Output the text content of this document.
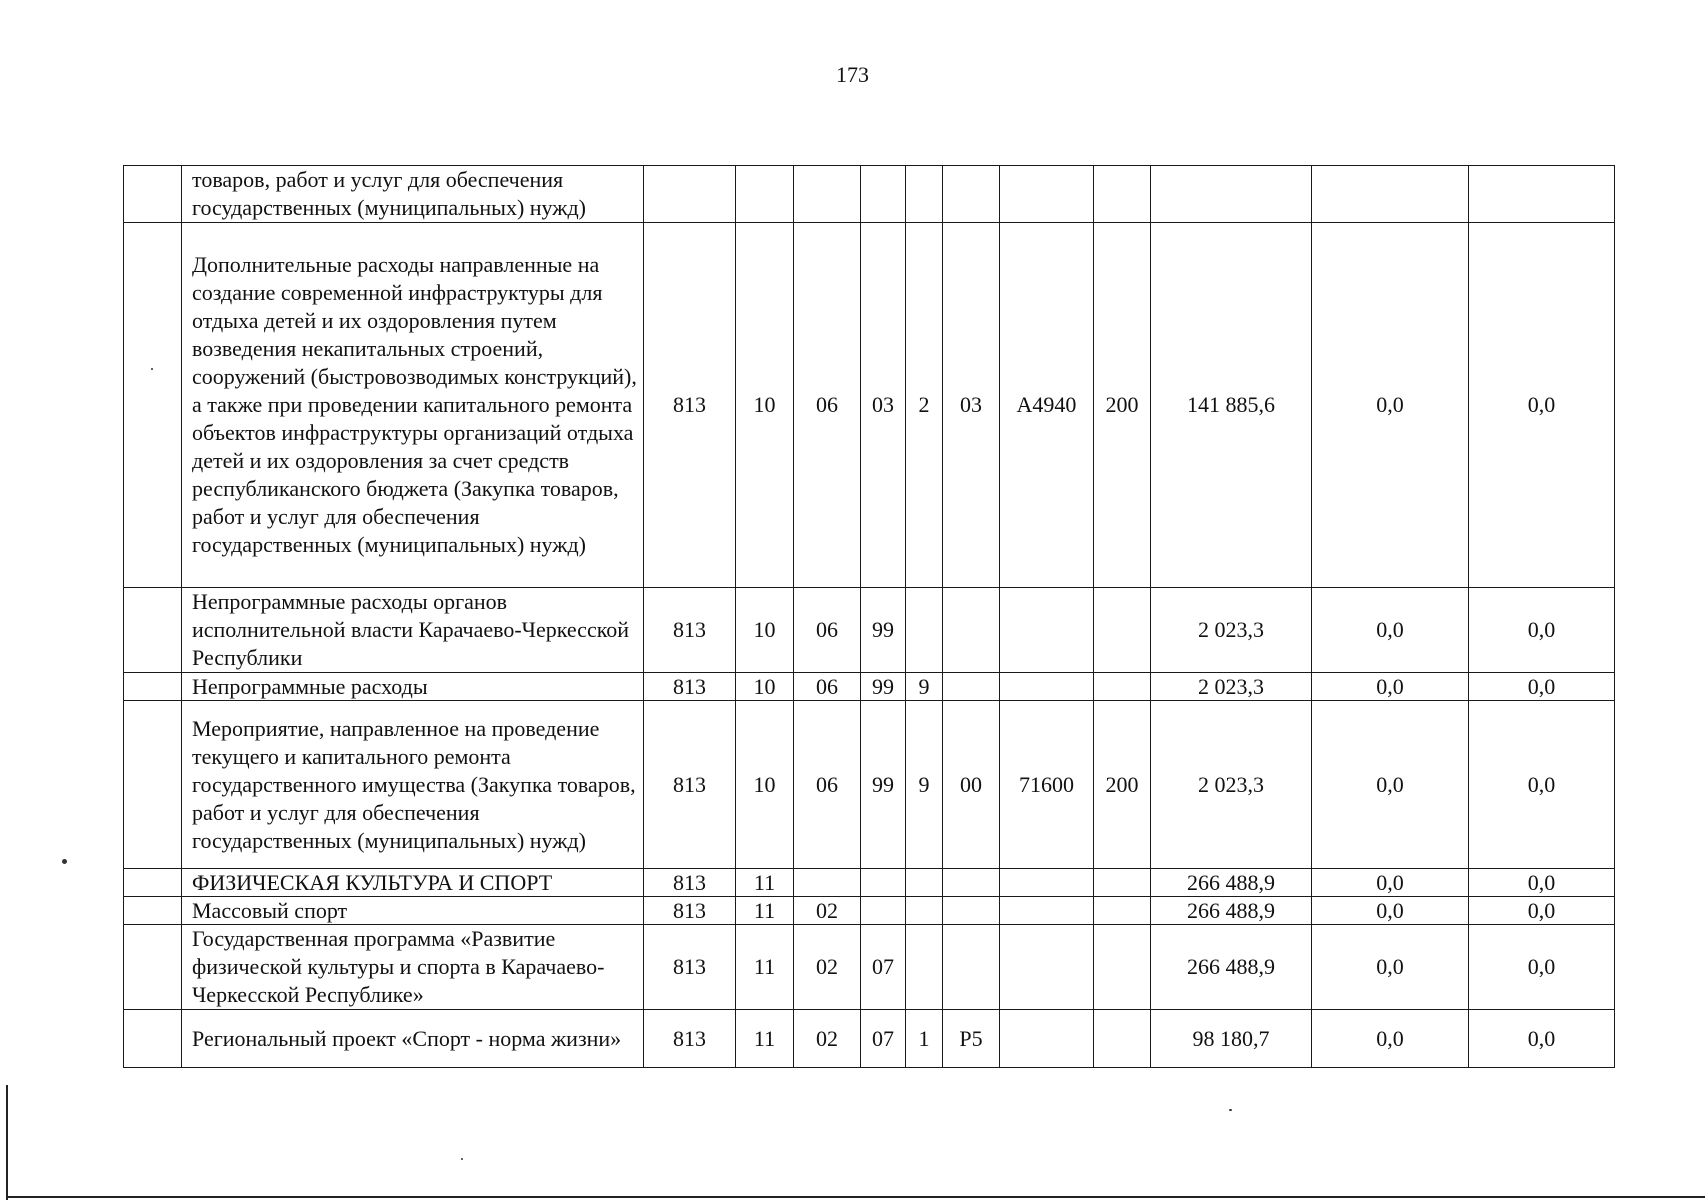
173
	товаров, работ и услуг для обеспечения государственных (муниципальных) нужд)											
	Дополнительные расходы направленные на создание современной инфраструктуры для отдыха детей и их оздоровления путем возведения некапитальных строений, сооружений (быстровозводимых конструкций), а также при проведении капитального ремонта объектов инфраструктуры организаций отдыха детей и их оздоровления за счет средств республиканского бюджета (Закупка товаров, работ и услуг для обеспечения государственных (муниципальных) нужд)	813	10	06	03	2	03	А4940	200	141 885,6	0,0	0,0
	Непрограммные расходы органов исполнительной власти Карачаево-Черкесской Республики	813	10	06	99					2 023,3	0,0	0,0
	Непрограммные расходы	813	10	06	99	9				2 023,3	0,0	0,0
	Мероприятие, направленное на проведение текущего и капитального ремонта государственного имущества (Закупка товаров, работ и услуг для обеспечения государственных (муниципальных) нужд)	813	10	06	99	9	00	71600	200	2 023,3	0,0	0,0
	ФИЗИЧЕСКАЯ КУЛЬТУРА И СПОРТ	813	11							266 488,9	0,0	0,0
	Массовый спорт	813	11	02						266 488,9	0,0	0,0
	Государственная программа «Развитие физической культуры и спорта в Карачаево-Черкесской Республике»	813	11	02	07					266 488,9	0,0	0,0
	Региональный проект «Спорт - норма жизни»	813	11	02	07	1	Р5			98 180,7	0,0	0,0
